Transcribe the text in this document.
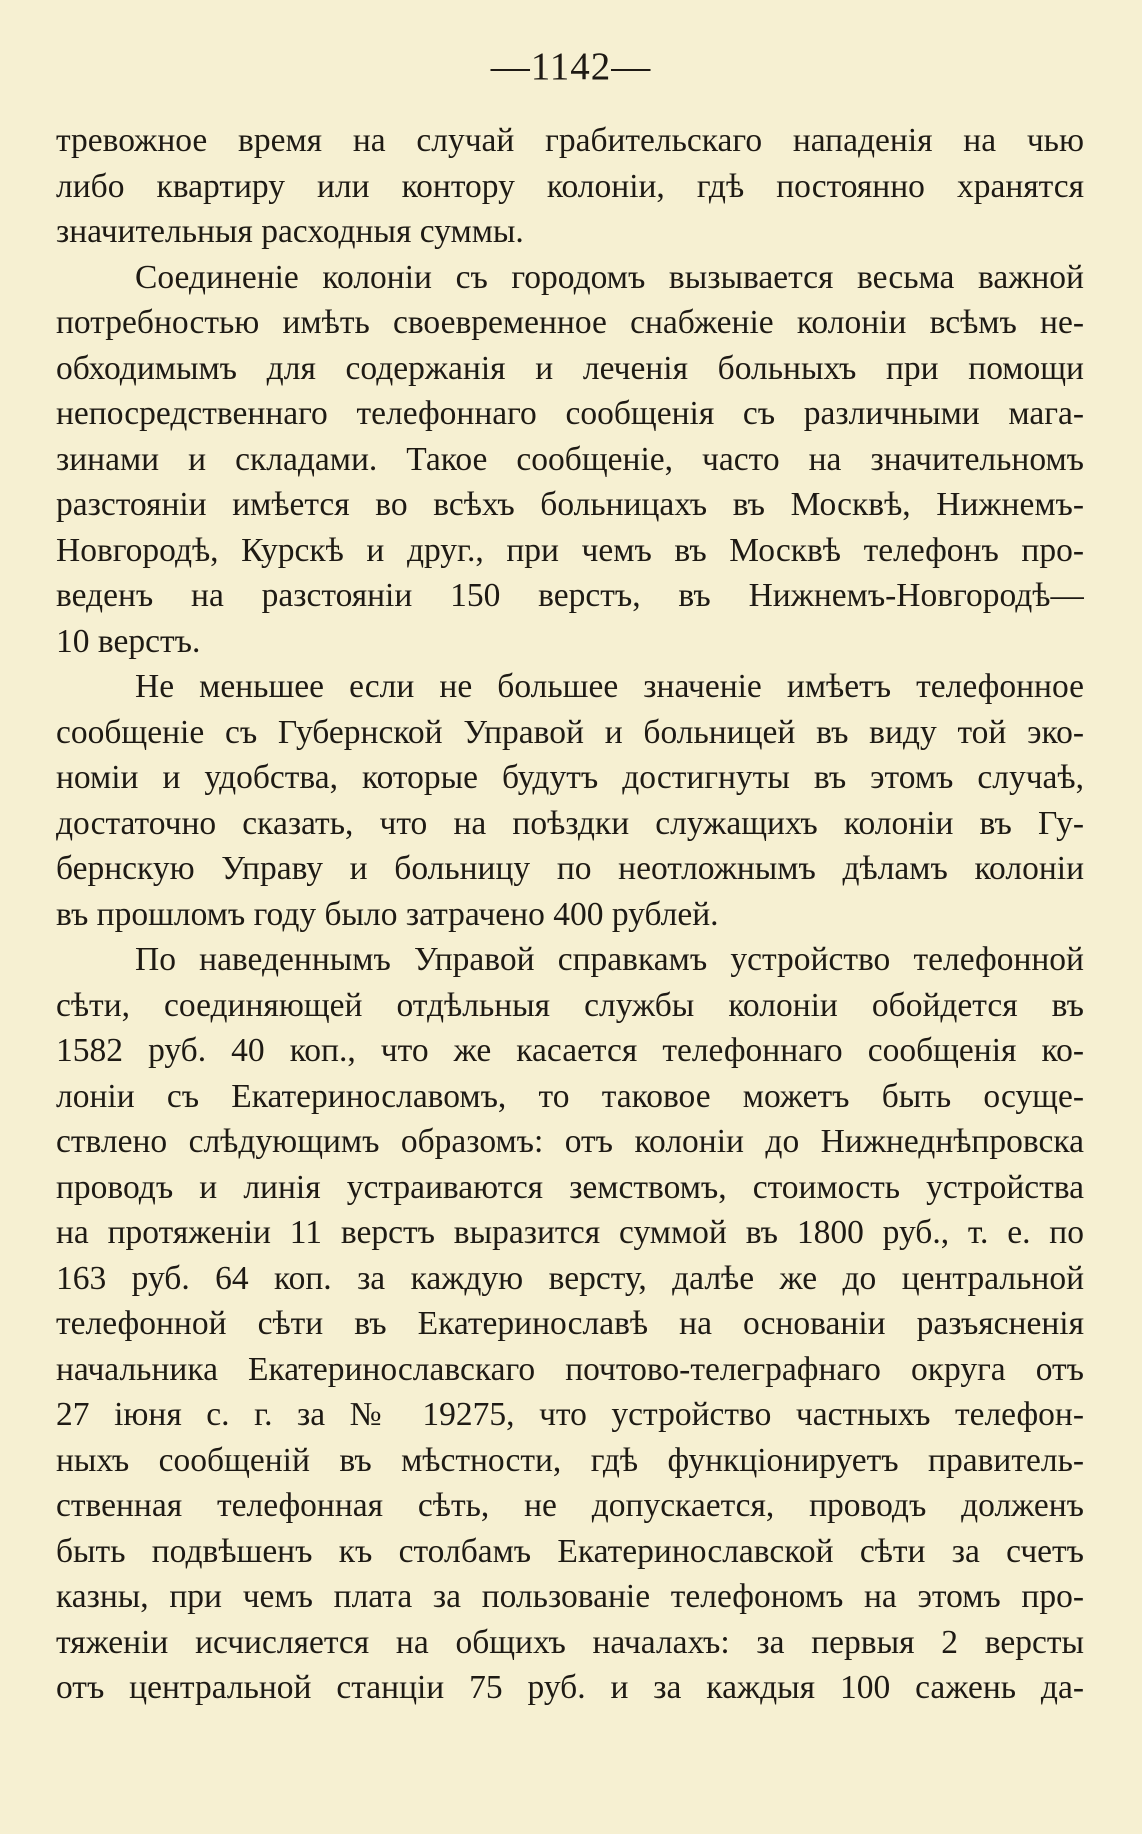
—1142—
тревожное время на случай грабительскаго нападенія на чью
либо квартиру или контору колоніи, гдѣ постоянно хранятся
значительныя расходныя суммы.
Соединеніе колоніи съ городомъ вызывается весьма важной
потребностью имѣть своевременное снабженіе колоніи всѣмъ не-
обходимымъ для содержанія и леченія больныхъ при помощи
непосредственнаго телефоннаго сообщенія съ различными мага-
зинами и складами. Такое сообщеніе, часто на значительномъ
разстояніи имѣется во всѣхъ больницахъ въ Москвѣ, Нижнемъ-
Новгородѣ, Курскѣ и друг., при чемъ въ Москвѣ телефонъ про-
веденъ на разстояніи 150 верстъ, въ Нижнемъ-Новгородѣ—
10 верстъ.
Не меньшее если не большее значеніе имѣетъ телефонное
сообщеніе съ Губернской Управой и больницей въ виду той эко-
номіи и удобства, которые будутъ достигнуты въ этомъ случаѣ,
достаточно сказать, что на поѣздки служащихъ колоніи въ Гу-
бернскую Управу и больницу по неотложнымъ дѣламъ колоніи
въ прошломъ году было затрачено 400 рублей.
По наведеннымъ Управой справкамъ устройство телефонной
сѣти, соединяющей отдѣльныя службы колоніи обойдется въ
1582 руб. 40 коп., что же касается телефоннаго сообщенія ко-
лоніи съ Екатеринославомъ, то таковое можетъ быть осуще-
ствлено слѣдующимъ образомъ: отъ колоніи до Нижнеднѣпровска
проводъ и линія устраиваются земствомъ, стоимость устройства
на протяженіи 11 верстъ выразится суммой въ 1800 руб., т. е. по
163 руб. 64 коп. за каждую версту, далѣе же до центральной
телефонной сѣти въ Екатеринославѣ на основаніи разъясненія
начальника Екатеринославскаго почтово-телеграфнаго округа отъ
27 іюня с. г. за № 19275, что устройство частныхъ телефон-
ныхъ сообщеній въ мѣстности, гдѣ функціонируетъ правитель-
ственная телефонная сѣть, не допускается, проводъ долженъ
быть подвѣшенъ къ столбамъ Екатеринославской сѣти за счетъ
казны, при чемъ плата за пользованіе телефономъ на этомъ про-
тяженіи исчисляется на общихъ началахъ: за первыя 2 версты
отъ центральной станціи 75 руб. и за каждыя 100 сажень да-
